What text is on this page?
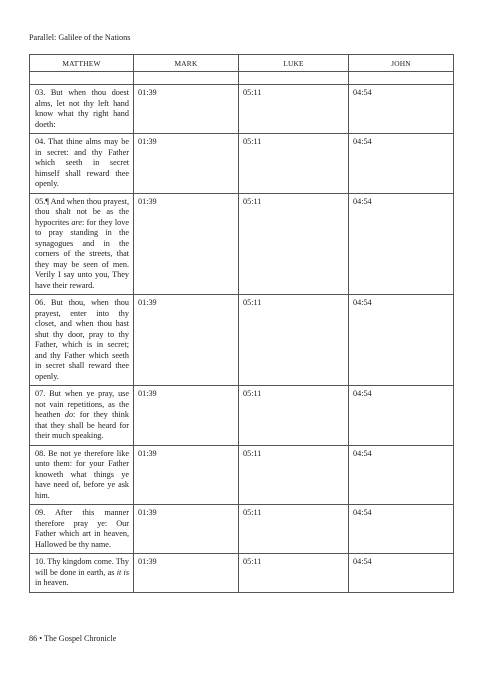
Parallel: Galilee of the Nations
MATTHEW	MARK	LUKE	JOHN

03. But when thou doest alms, let not thy left hand know what thy right hand doeth:	01:39	05:11	04:54
04. That thine alms may be in secret: and thy Father which seeth in secret himself shall reward thee openly.	01:39	05:11	04:54
05.¶ And when thou prayest, thou shalt not be as the hypocrites are: for they love to pray standing in the synagogues and in the corners of the streets, that they may be seen of men. Verily I say unto you, They have their reward.	01:39	05:11	04:54
06. But thou, when thou prayest, enter into thy closet, and when thou hast shut thy door, pray to thy Father, which is in secret; and thy Father which seeth in secret shall reward thee openly.	01:39	05:11	04:54
07. But when ye pray, use not vain repetitions, as the heathen do: for they think that they shall be heard for their much speaking.	01:39	05:11	04:54
08. Be not ye therefore like unto them: for your Father knoweth what things ye have need of, before ye ask him.	01:39	05:11	04:54
09. After this manner therefore pray ye: Our Father which art in heaven, Hallowed be thy name.	01:39	05:11	04:54
10. Thy kingdom come. Thy will be done in earth, as it is in heaven.	01:39	05:11	04:54
86 • The Gospel Chronicle
